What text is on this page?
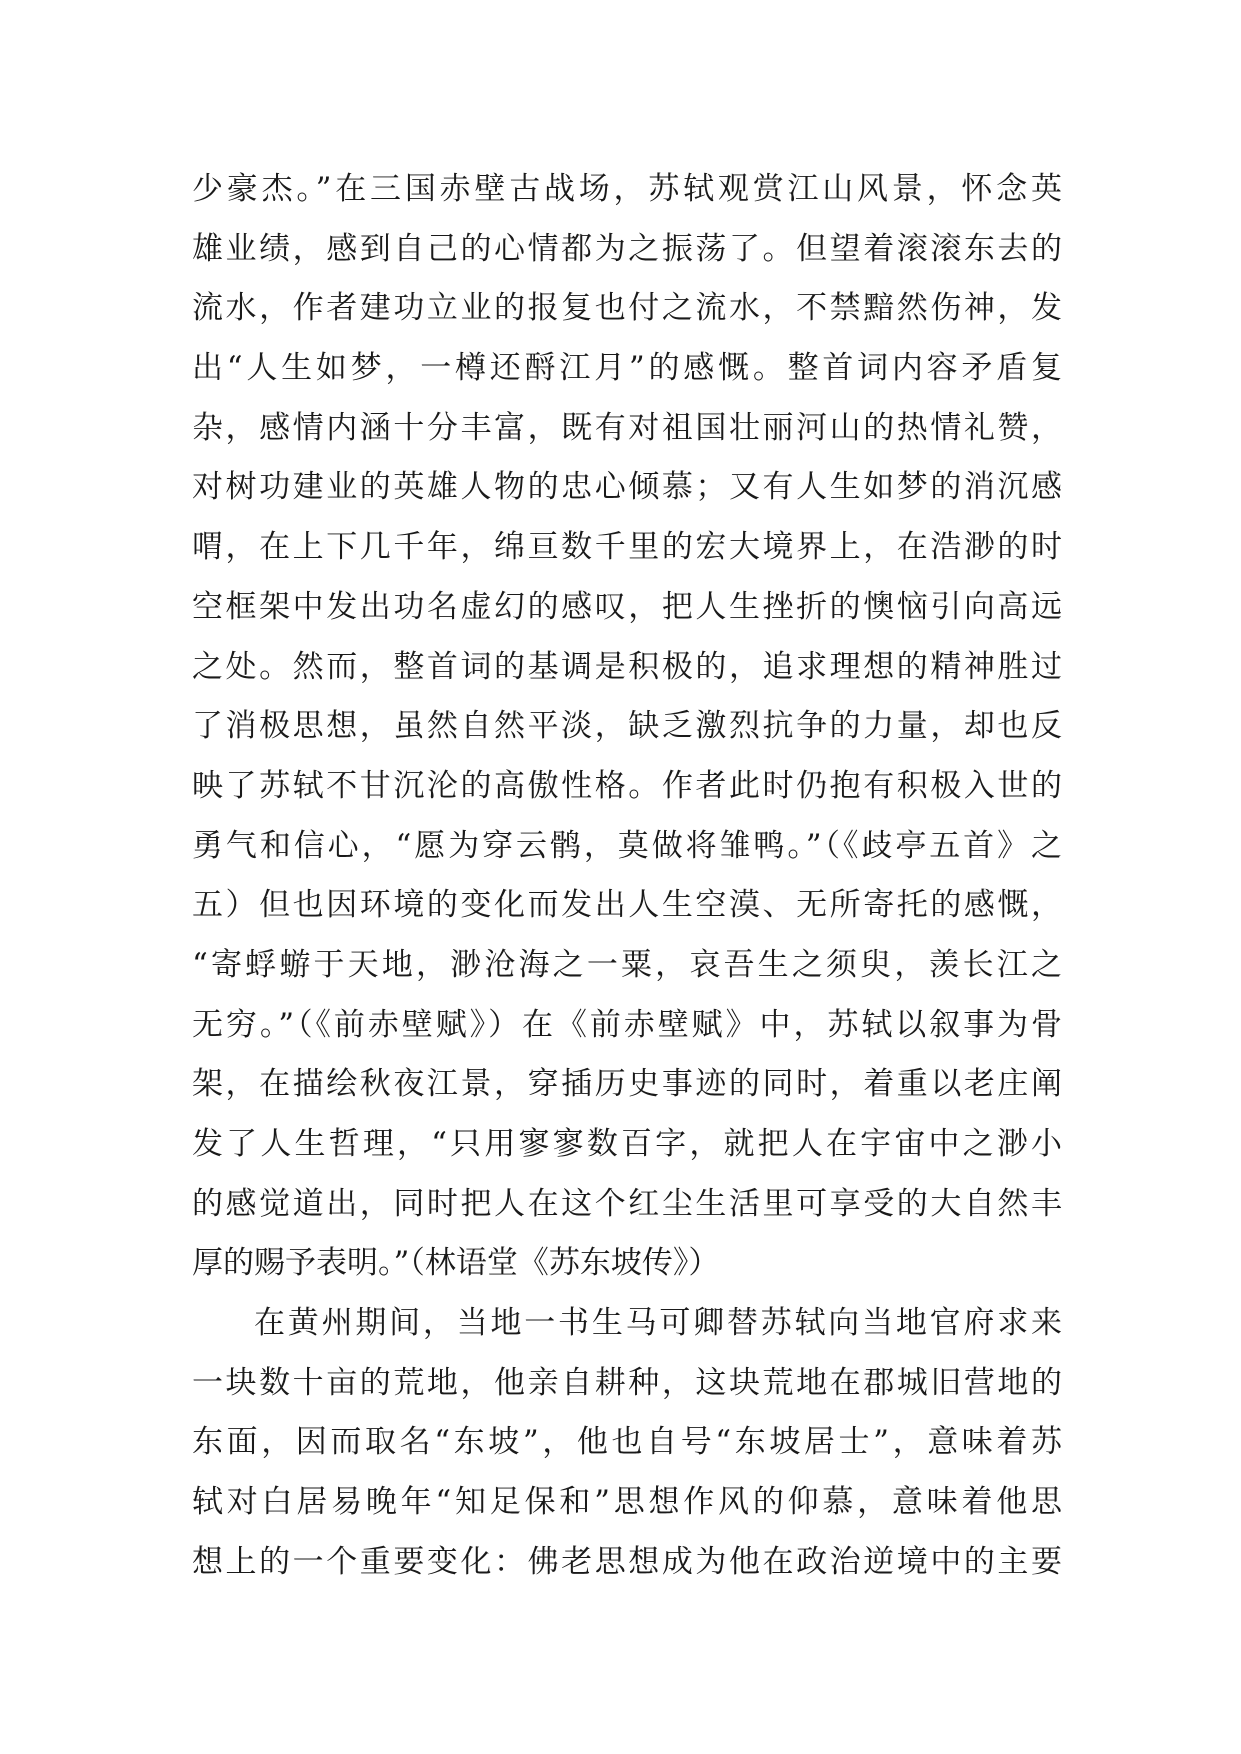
少豪杰。”在三国赤壁古战场，苏轼观赏江山风景，怀念英
雄业绩，感到自己的心情都为之振荡了。但望着滚滚东去的
流水，作者建功立业的报复也付之流水，不禁黯然伤神，发
出“人生如梦，一樽还酹江月”的感慨。整首词内容矛盾复
杂，感情内涵十分丰富，既有对祖国壮丽河山的热情礼赞，
对树功建业的英雄人物的忠心倾慕；又有人生如梦的消沉感
喟，在上下几千年，绵亘数千里的宏大境界上，在浩渺的时
空框架中发出功名虚幻的感叹，把人生挫折的懊恼引向高远
之处。然而，整首词的基调是积极的，追求理想的精神胜过
了消极思想，虽然自然平淡，缺乏激烈抗争的力量，却也反
映了苏轼不甘沉沦的高傲性格。作者此时仍抱有积极入世的
勇气和信心，“愿为穿云鹘，莫做将雏鸭。”（《歧亭五首》之
五）但也因环境的变化而发出人生空漠、无所寄托的感慨，
“寄蜉蝣于天地，渺沧海之一粟，哀吾生之须臾，羡长江之
无穷。”（《前赤壁赋》）在《前赤壁赋》中，苏轼以叙事为骨
架，在描绘秋夜江景，穿插历史事迹的同时，着重以老庄阐
发了人生哲理，“只用寥寥数百字，就把人在宇宙中之渺小
的感觉道出，同时把人在这个红尘生活里可享受的大自然丰
厚的赐予表明。”（林语堂《苏东坡传》）
在黄州期间，当地一书生马可卿替苏轼向当地官府求来
一块数十亩的荒地，他亲自耕种，这块荒地在郡城旧营地的
东面，因而取名“东坡”，他也自号“东坡居士”，意味着苏
轼对白居易晚年“知足保和”思想作风的仰慕，意味着他思
想上的一个重要变化：佛老思想成为他在政治逆境中的主要
